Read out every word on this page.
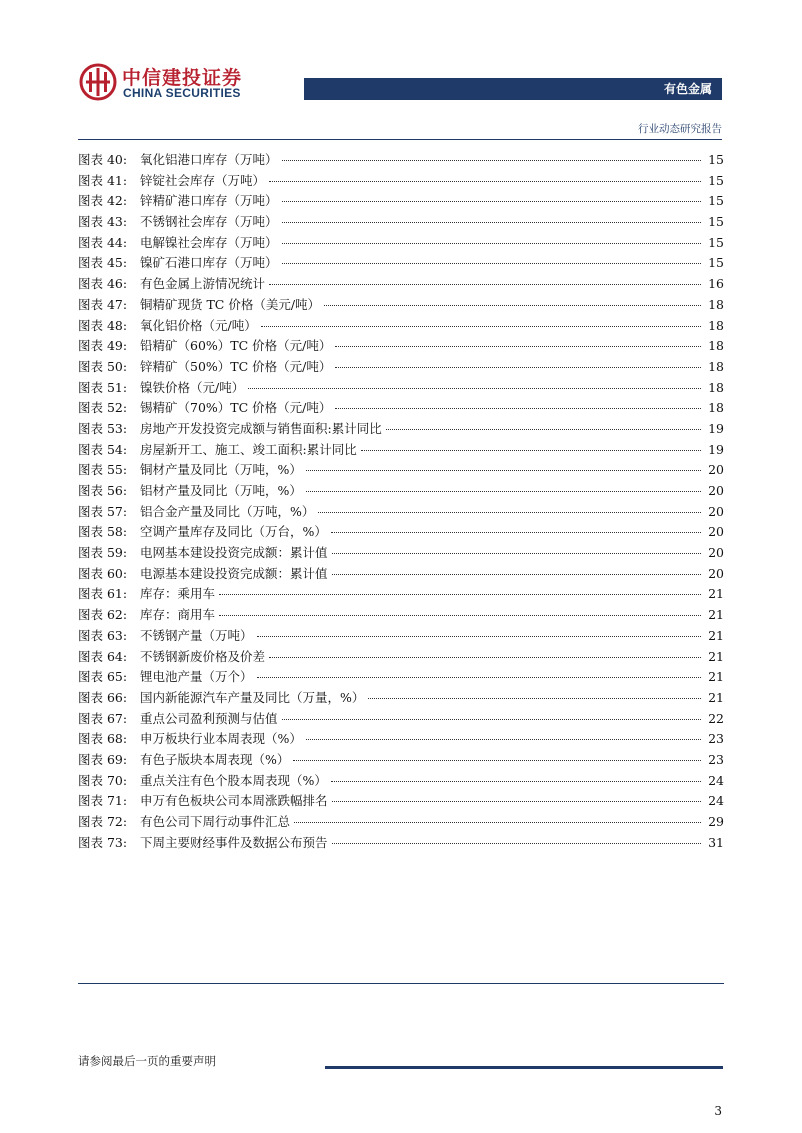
中信建投证券
CHINA SECURITIES	有色金属
行业动态研究报告
图表 40:	氧化铝港口库存（万吨）	15
图表 41:	锌锭社会库存（万吨）	15
图表 42:	锌精矿港口库存（万吨）	15
图表 43:	不锈钢社会库存（万吨）	15
图表 44:	电解镍社会库存（万吨）	15
图表 45:	镍矿石港口库存（万吨）	15
图表 46:	有色金属上游情况统计	16
图表 47:	铜精矿现货 TC 价格（美元/吨）	18
图表 48:	氧化铝价格（元/吨）	18
图表 49:	铅精矿（60%）TC 价格（元/吨）	18
图表 50:	锌精矿（50%）TC 价格（元/吨）	18
图表 51:	镍铁价格（元/吨）	18
图表 52:	锡精矿（70%）TC 价格（元/吨）	18
图表 53:	房地产开发投资完成额与销售面积:累计同比	19
图表 54:	房屋新开工、施工、竣工面积:累计同比	19
图表 55:	铜材产量及同比（万吨，%）	20
图表 56:	铝材产量及同比（万吨，%）	20
图表 57:	铝合金产量及同比（万吨，%）	20
图表 58:	空调产量库存及同比（万台，%）	20
图表 59:	电网基本建设投资完成额：累计值	20
图表 60:	电源基本建设投资完成额：累计值	20
图表 61:	库存：乘用车	21
图表 62:	库存：商用车	21
图表 63:	不锈钢产量（万吨）	21
图表 64:	不锈钢新废价格及价差	21
图表 65:	锂电池产量（万个）	21
图表 66:	国内新能源汽车产量及同比（万量，%）	21
图表 67:	重点公司盈利预测与估值	22
图表 68:	申万板块行业本周表现（%）	23
图表 69:	有色子版块本周表现（%）	23
图表 70:	重点关注有色个股本周表现（%）	24
图表 71:	申万有色板块公司本周涨跌幅排名	24
图表 72:	有色公司下周行动事件汇总	29
图表 73:	下周主要财经事件及数据公布预告	31
请参阅最后一页的重要声明
3
